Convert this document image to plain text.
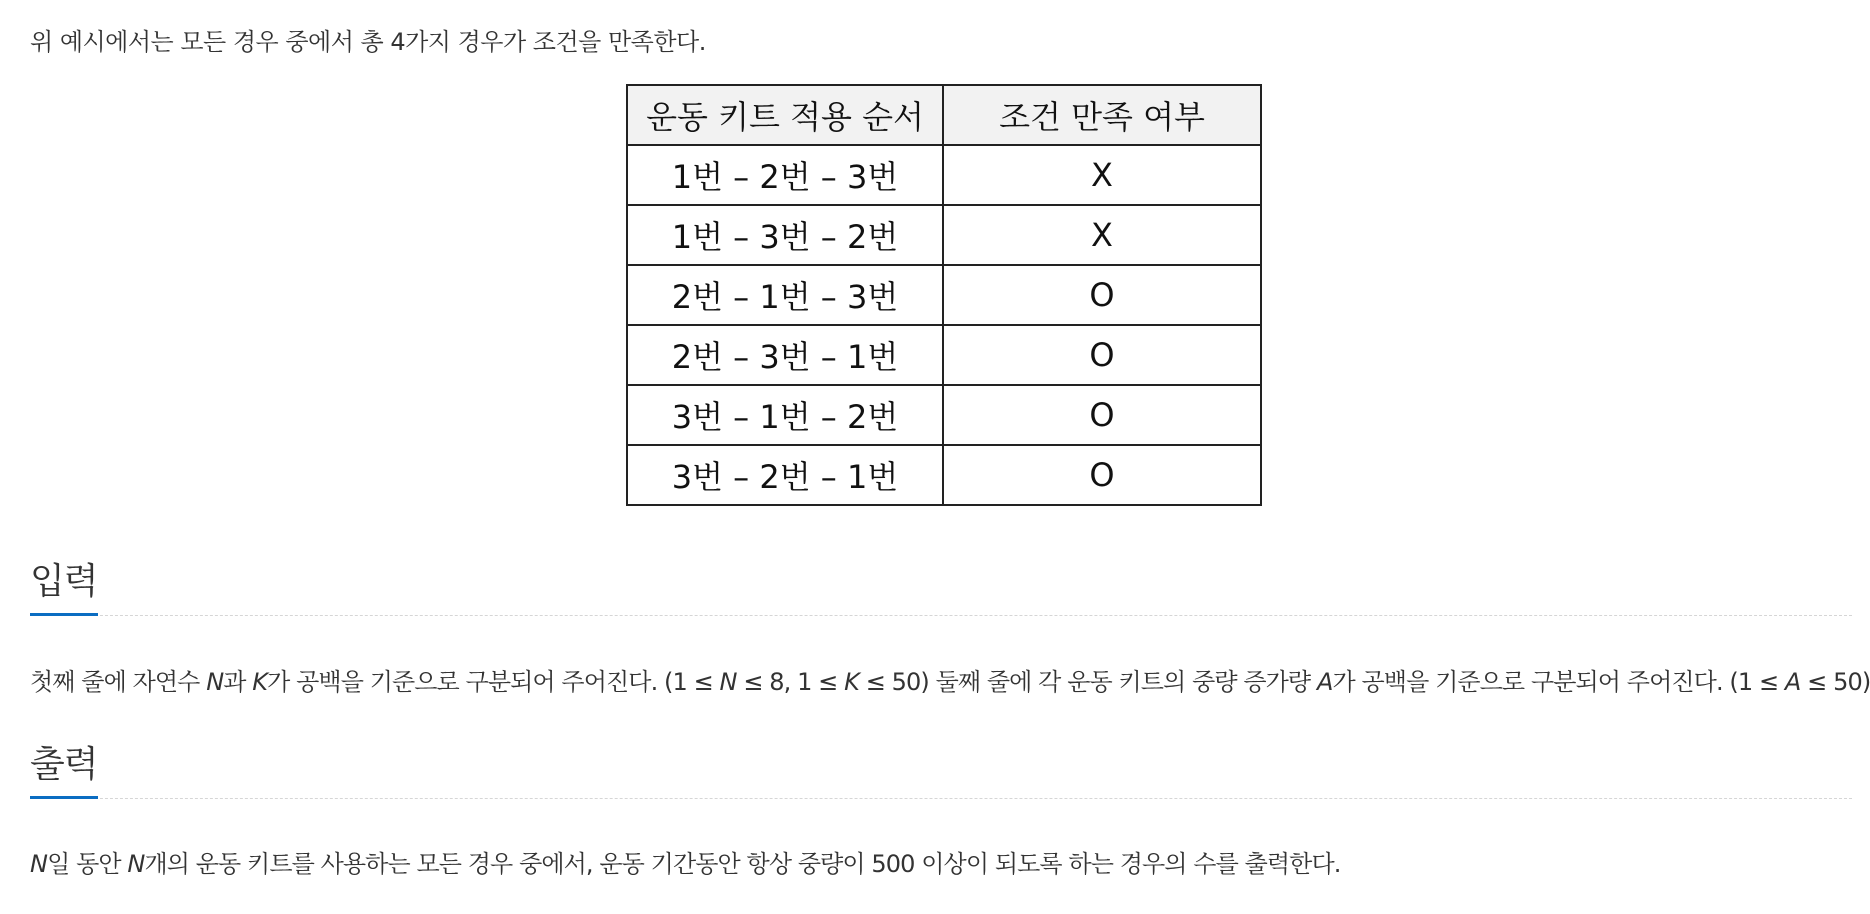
위 예시에서는 모든 경우 중에서 총 4가지 경우가 조건을 만족한다.
운동 키트 적용 순서	조건 만족 여부
1번 – 2번 – 3번	X
1번 – 3번 – 2번	X
2번 – 1번 – 3번	O
2번 – 3번 – 1번	O
3번 – 1번 – 2번	O
3번 – 2번 – 1번	O
입력
첫째 줄에 자연수 N과 K가 공백을 기준으로 구분되어 주어진다. (1 ≤ N ≤ 8, 1 ≤ K ≤ 50) 둘째 줄에 각 운동 키트의 중량 증가량 A가 공백을 기준으로 구분되어 주어진다. (1 ≤ A ≤ 50)
출력
N일 동안 N개의 운동 키트를 사용하는 모든 경우 중에서, 운동 기간동안 항상 중량이 500 이상이 되도록 하는 경우의 수를 출력한다.
